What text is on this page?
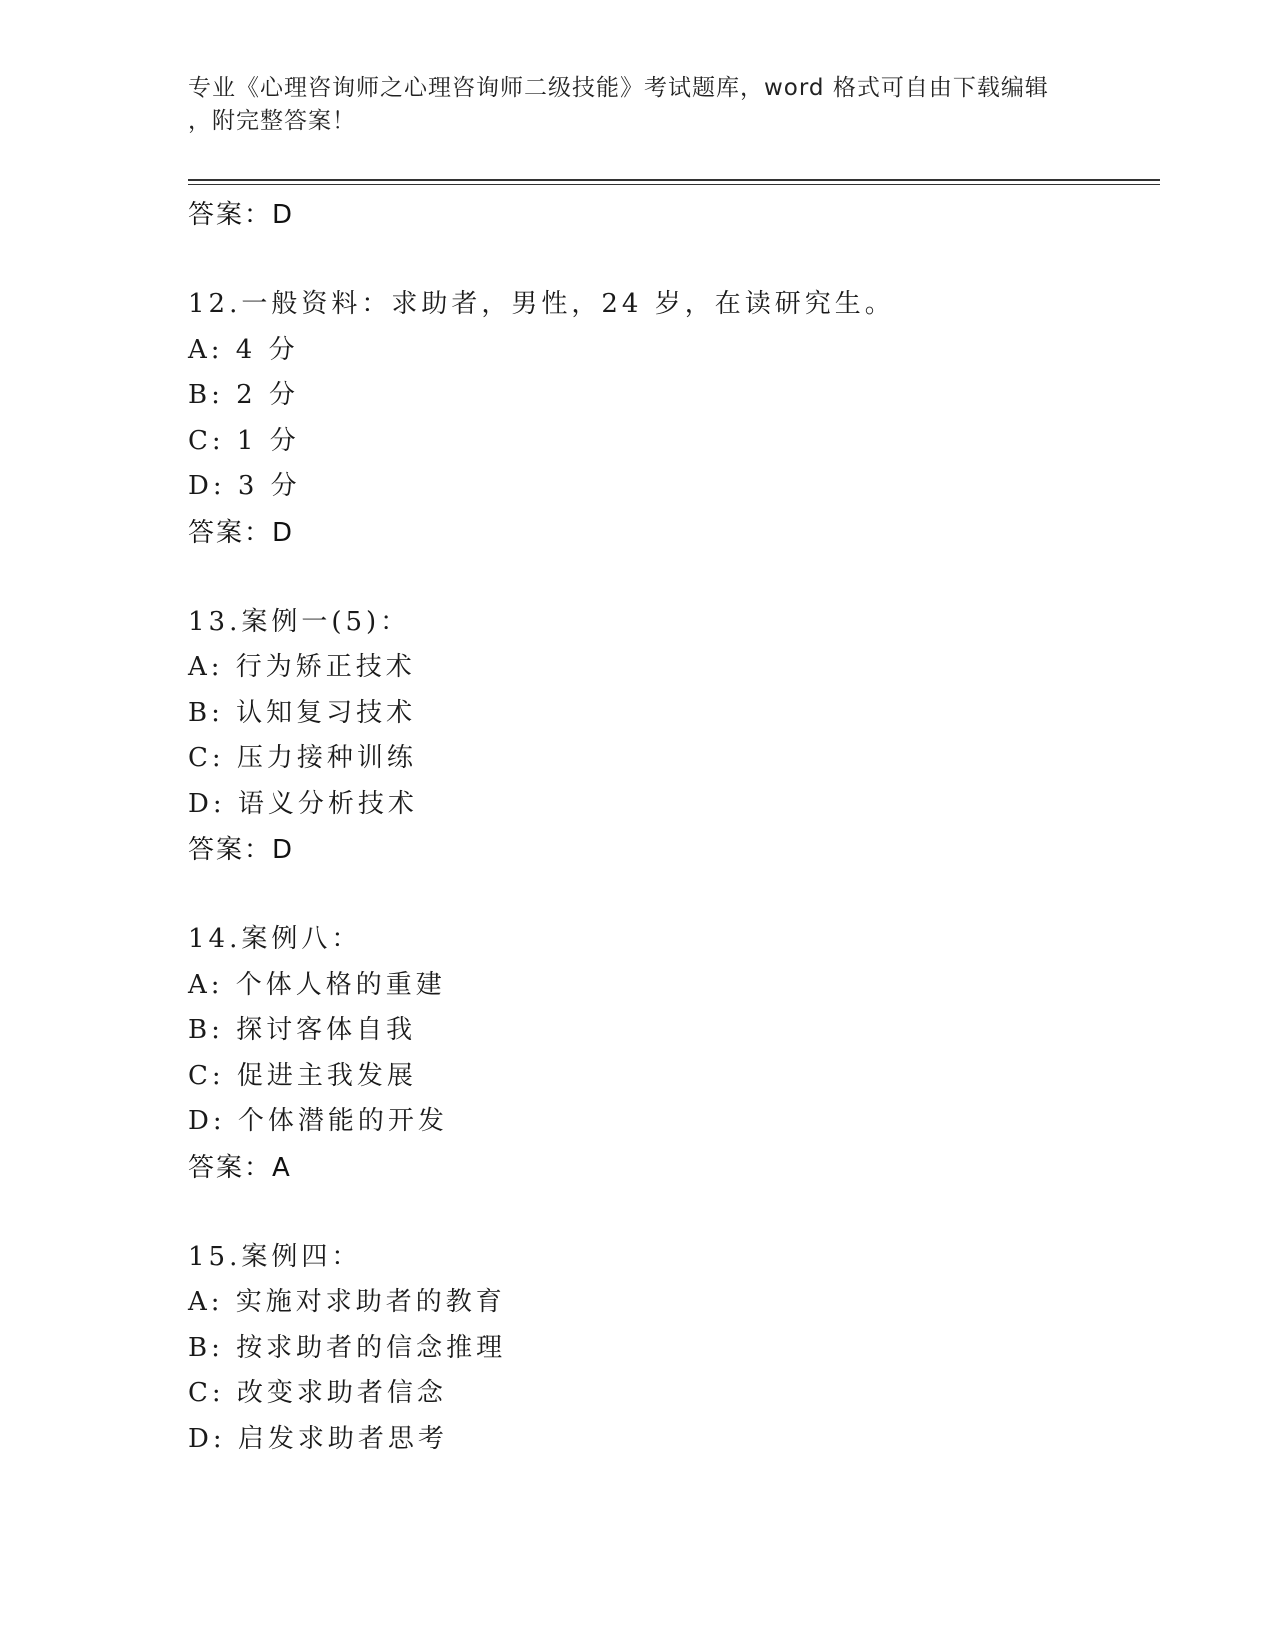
专业《心理咨询师之心理咨询师二级技能》考试题库，word 格式可自由下载编辑
，附完整答案！
答案：D
12.一般资料：求助者，男性，24 岁，在读研究生。
A: 4 分
B: 2 分
C: 1 分
D: 3 分
答案：D
13.案例一(5)：
A: 行为矫正技术
B: 认知复习技术
C: 压力接种训练
D: 语义分析技术
答案：D
14.案例八：
A: 个体人格的重建
B: 探讨客体自我
C: 促进主我发展
D: 个体潜能的开发
答案：A
15.案例四：
A: 实施对求助者的教育
B: 按求助者的信念推理
C: 改变求助者信念
D: 启发求助者思考
